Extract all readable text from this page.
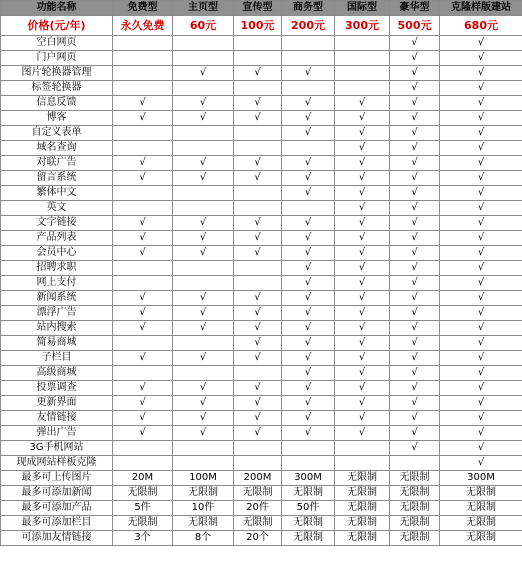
功能名称	免费型	主页型	宣传型	商务型	国际型	豪华型	克隆样版建站
价格(元/年)	永久免费	60元	100元	200元	300元	500元	680元
空白网页						√	√
门户网页						√	√
图片轮换器管理		√	√	√		√	√
标签轮换器						√	√
信息反馈	√	√	√	√	√	√	√
博客	√	√	√	√	√	√	√
自定义表单				√	√	√	√
域名查询					√	√	√
对联广告	√	√	√	√	√	√	√
留言系统	√	√	√	√	√	√	√
繁体中文				√	√	√	√
英文					√	√	√
文字链接	√	√	√	√	√	√	√
产品列表	√	√	√	√	√	√	√
会员中心	√	√	√	√	√	√	√
招聘求职				√	√	√	√
网上支付				√	√	√	√
新闻系统	√	√	√	√	√	√	√
漂浮广告	√	√	√	√	√	√	√
站内搜索	√	√	√	√	√	√	√
简易商城			√	√	√	√	√
子栏目	√	√	√	√	√	√	√
高级商城				√	√	√	√
投票调查	√	√	√	√	√	√	√
更新界面	√	√	√	√	√	√	√
友情链接	√	√	√	√	√	√	√
弹出广告	√	√	√	√	√	√	√
3G手机网站						√	√
现成网站样板克隆							√
最多可上传图片	20M	100M	200M	300M	无限制	无限制	300M
最多可添加新闻	无限制	无限制	无限制	无限制	无限制	无限制	无限制
最多可添加产品	5件	10件	20件	50件	无限制	无限制	无限制
最多可添加栏目	无限制	无限制	无限制	无限制	无限制	无限制	无限制
可添加友情链接	3个	8个	20个	无限制	无限制	无限制	无限制
